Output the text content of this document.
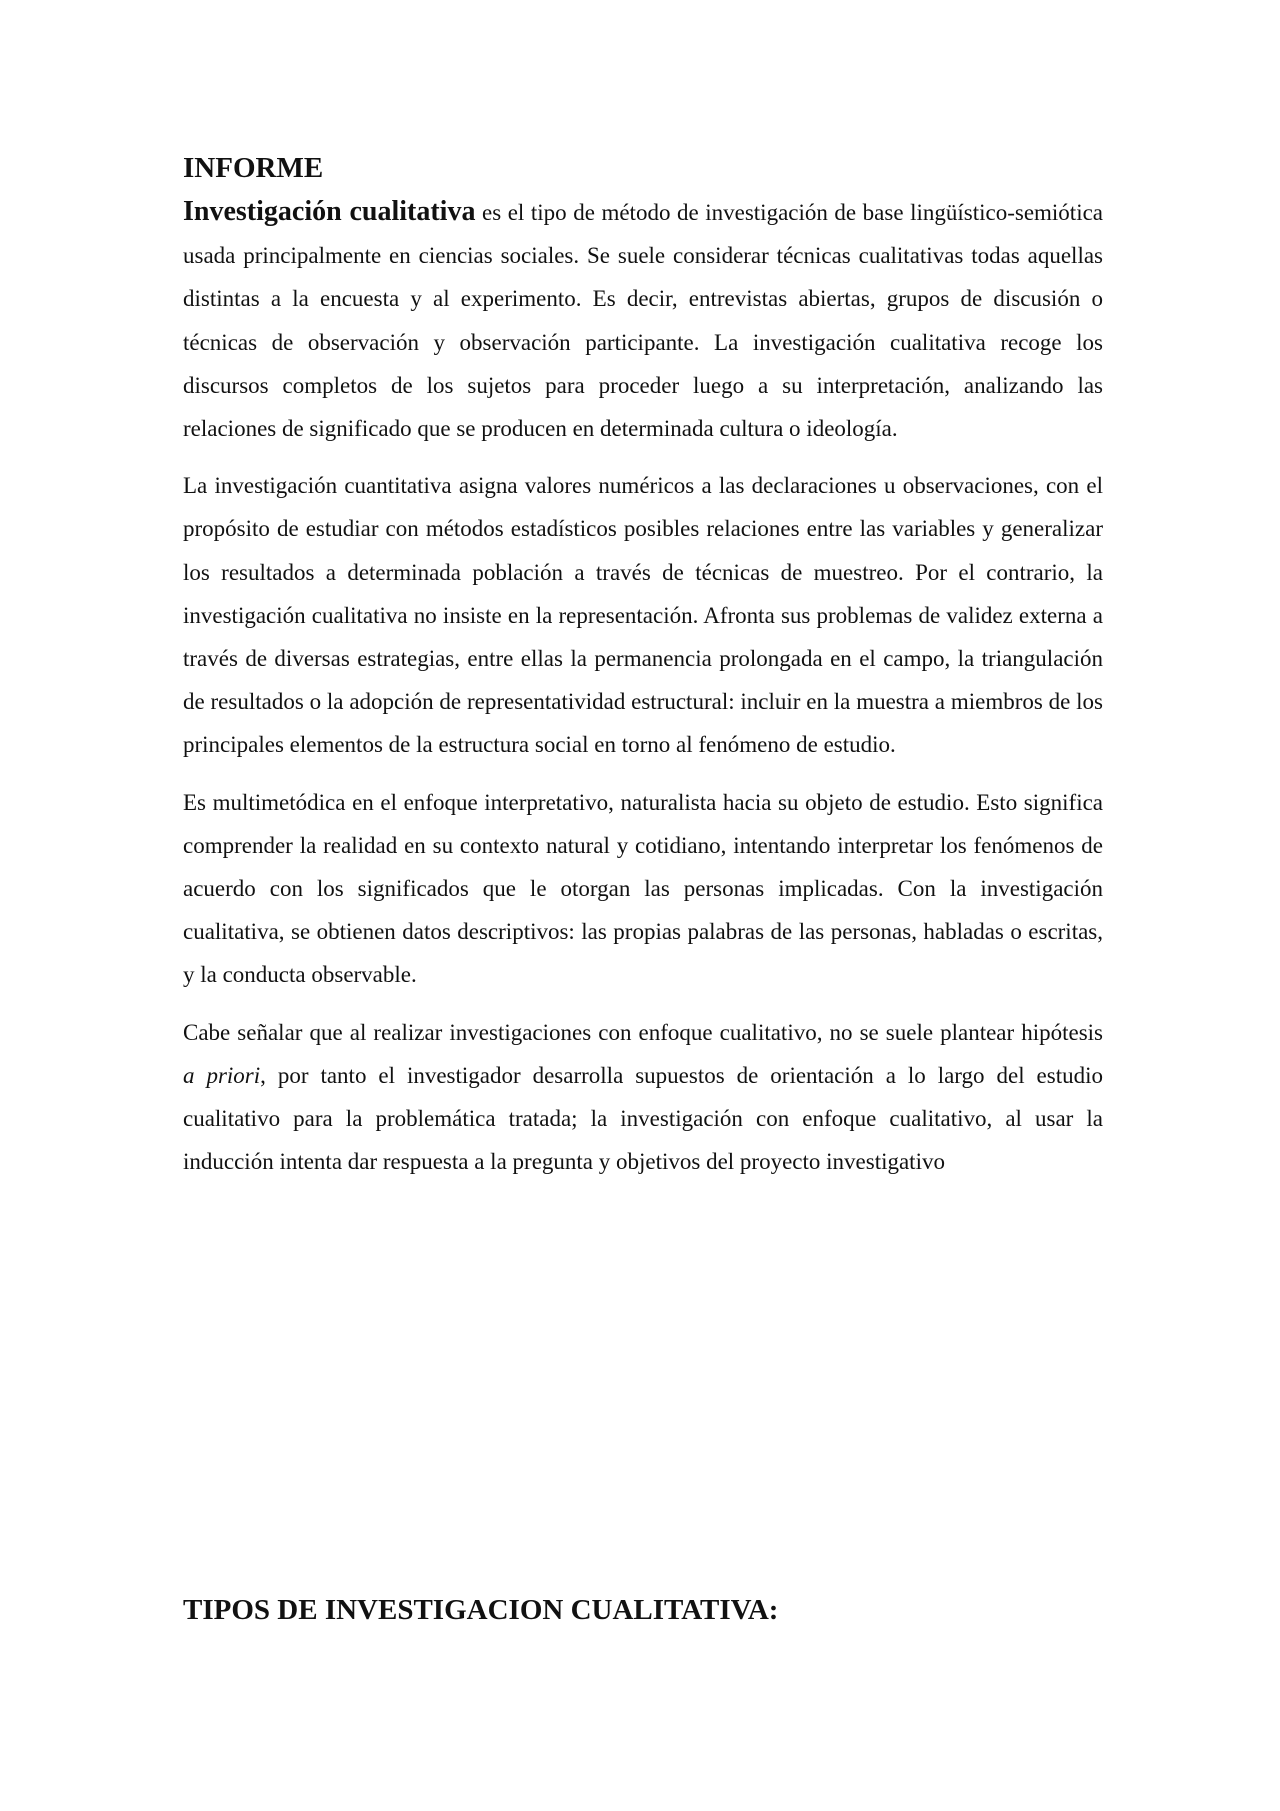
INFORME

Investigación cualitativa es el tipo de método de investigación de base lingüístico-semiótica usada principalmente en ciencias sociales. Se suele considerar técnicas cualitativas todas aquellas distintas a la encuesta y al experimento. Es decir, entrevistas abiertas, grupos de discusión o técnicas de observación y observación participante. La investigación cualitativa recoge los discursos completos de los sujetos para proceder luego a su interpretación, analizando las relaciones de significado que se producen en determinada cultura o ideología.

La investigación cuantitativa asigna valores numéricos a las declaraciones u observaciones, con el propósito de estudiar con métodos estadísticos posibles relaciones entre las variables y generalizar los resultados a determinada población a través de técnicas de muestreo. Por el contrario, la investigación cualitativa no insiste en la representación. Afronta sus problemas de validez externa a través de diversas estrategias, entre ellas la permanencia prolongada en el campo, la triangulación de resultados o la adopción de representatividad estructural: incluir en la muestra a miembros de los principales elementos de la estructura social en torno al fenómeno de estudio.

Es multimetódica en el enfoque interpretativo, naturalista hacia su objeto de estudio. Esto significa comprender la realidad en su contexto natural y cotidiano, intentando interpretar los fenómenos de acuerdo con los significados que le otorgan las personas implicadas. Con la investigación cualitativa, se obtienen datos descriptivos: las propias palabras de las personas, habladas o escritas, y la conducta observable.

Cabe señalar que al realizar investigaciones con enfoque cualitativo, no se suele plantear hipótesis a priori, por tanto el investigador desarrolla supuestos de orientación a lo largo del estudio cualitativo para la problemática tratada; la investigación con enfoque cualitativo, al usar la inducción intenta dar respuesta a la pregunta y objetivos del proyecto investigativo

TIPOS DE INVESTIGACION CUALITATIVA:
